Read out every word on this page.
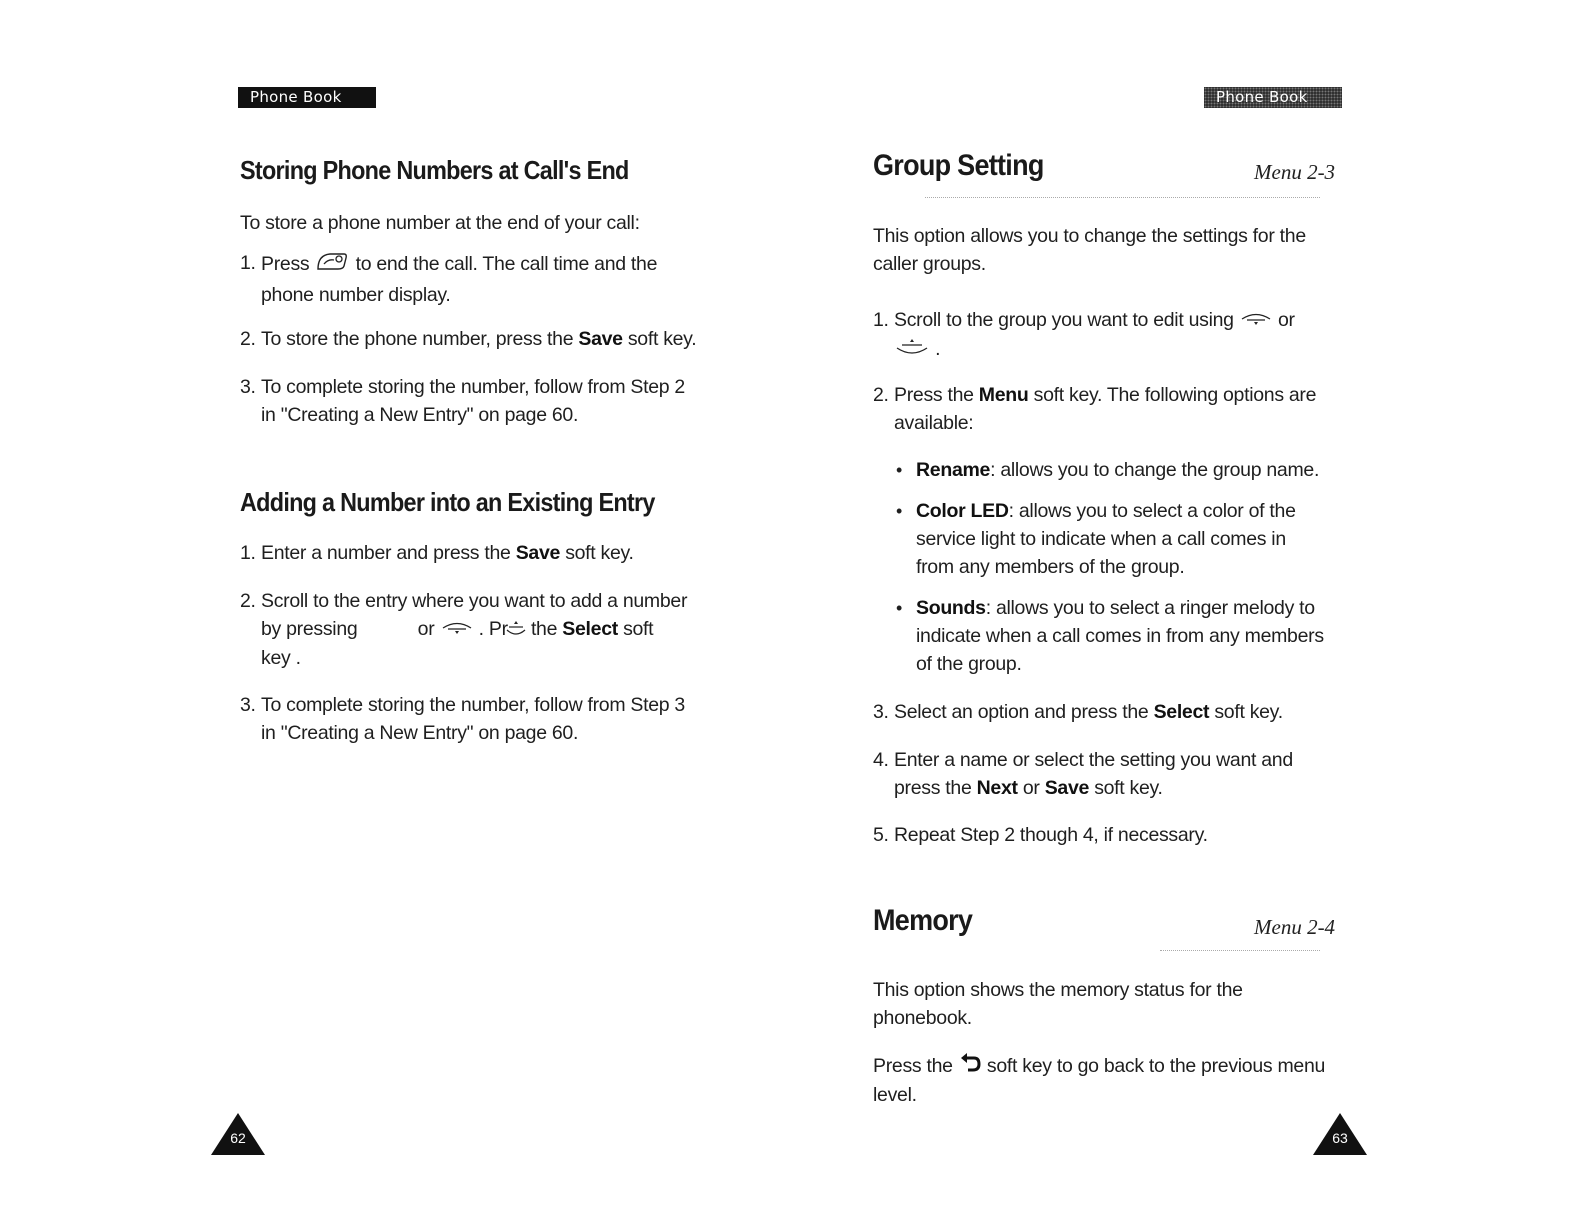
Phone Book
Storing Phone Numbers at Call's End
To store a phone number at the end of your call:
1. Press to end the call. The call time and the
phone number display.
2. To store the phone number, press the Save soft key.
3. To complete storing the number, follow from Step 2
in "Creating a New Entry" on page 60.
Adding a Number into an Existing Entry
1. Enter a number and press the Save soft key.
2. Scroll to the entry where you want to add a number
by pressing	or . Pr the Select soft
key .
3. To complete storing the number, follow from Step 3
in "Creating a New Entry" on page 60.
62
Phone Book
Group Setting	Menu 2-3
This option allows you to change the settings for the
caller groups.
1. Scroll to the group you want to edit using or
.
2. Press the Menu soft key. The following options are
available:
• Rename: allows you to change the group name.
• Color LED: allows you to select a color of the
service light to indicate when a call comes in
from any members of the group.
• Sounds: allows you to select a ringer melody to
indicate when a call comes in from any members
of the group.
3. Select an option and press the Select soft key.
4. Enter a name or select the setting you want and
press the Next or Save soft key.
5. Repeat Step 2 though 4, if necessary.
Memory	Menu 2-4
This option shows the memory status for the
phonebook.
Press the soft key to go back to the previous menu
level.
63
